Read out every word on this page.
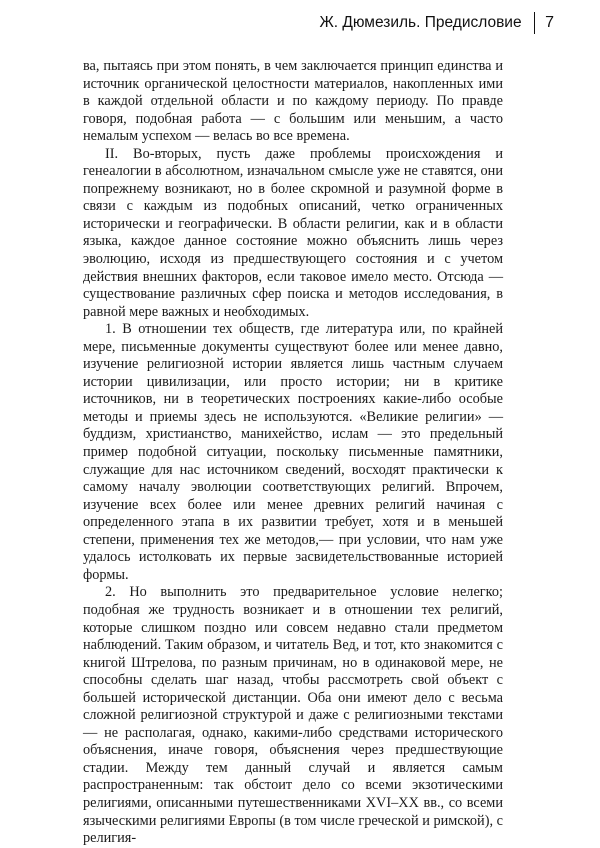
Ж. Дюмезиль. Предисловие 7

ва, пытаясь при этом понять, в чем заключается принцип единства и источник органической целостности материалов, накопленных ими в каждой отдельной области и по каждому периоду. По правде говоря, подобная работа — с большим или меньшим, а часто немалым успехом — велась во все времена.

II. Во-вторых, пусть даже проблемы происхождения и генеалогии в абсолютном, изначальном смысле уже не ставятся, они попрежнему возникают, но в более скромной и разумной форме в связи с каждым из подобных описаний, четко ограниченных исторически и географически. В области религии, как и в области языка, каждое данное состояние можно объяснить лишь через эволюцию, исходя из предшествующего состояния и с учетом действия внешних факторов, если таковое имело место. Отсюда — существование различных сфер поиска и методов исследования, в равной мере важных и необходимых.

1. В отношении тех обществ, где литература или, по крайней мере, письменные документы существуют более или менее давно, изучение религиозной истории является лишь частным случаем истории цивилизации, или просто истории; ни в критике источников, ни в теоретических построениях какие-либо особые методы и приемы здесь не используются. «Великие религии» — буддизм, христианство, манихейство, ислам — это предельный пример подобной ситуации, поскольку письменные памятники, служащие для нас источником сведений, восходят практически к самому началу эволюции соответствующих религий. Впрочем, изучение всех более или менее древних религий начиная с определенного этапа в их развитии требует, хотя и в меньшей степени, применения тех же методов,— при условии, что нам уже удалось истолковать их первые засвидетельствованные историей формы.

2. Но выполнить это предварительное условие нелегко; подобная же трудность возникает и в отношении тех религий, которые слишком поздно или совсем недавно стали предметом наблюдений. Таким образом, и читатель Вед, и тот, кто знакомится с книгой Штрелова, по разным причинам, но в одинаковой мере, не способны сделать шаг назад, чтобы рассмотреть свой объект с большей исторической дистанции. Оба они имеют дело с весьма сложной религиозной структурой и даже с религиозными текстами — не располагая, однако, какими-либо средствами исторического объяснения, иначе говоря, объяснения через предшествующие стадии. Между тем данный случай и является самым распространенным: так обстоит дело со всеми экзотическими религиями, описанными путешественниками XVI–XX вв., со всеми языческими религиями Европы (в том числе греческой и римской), с религия-
